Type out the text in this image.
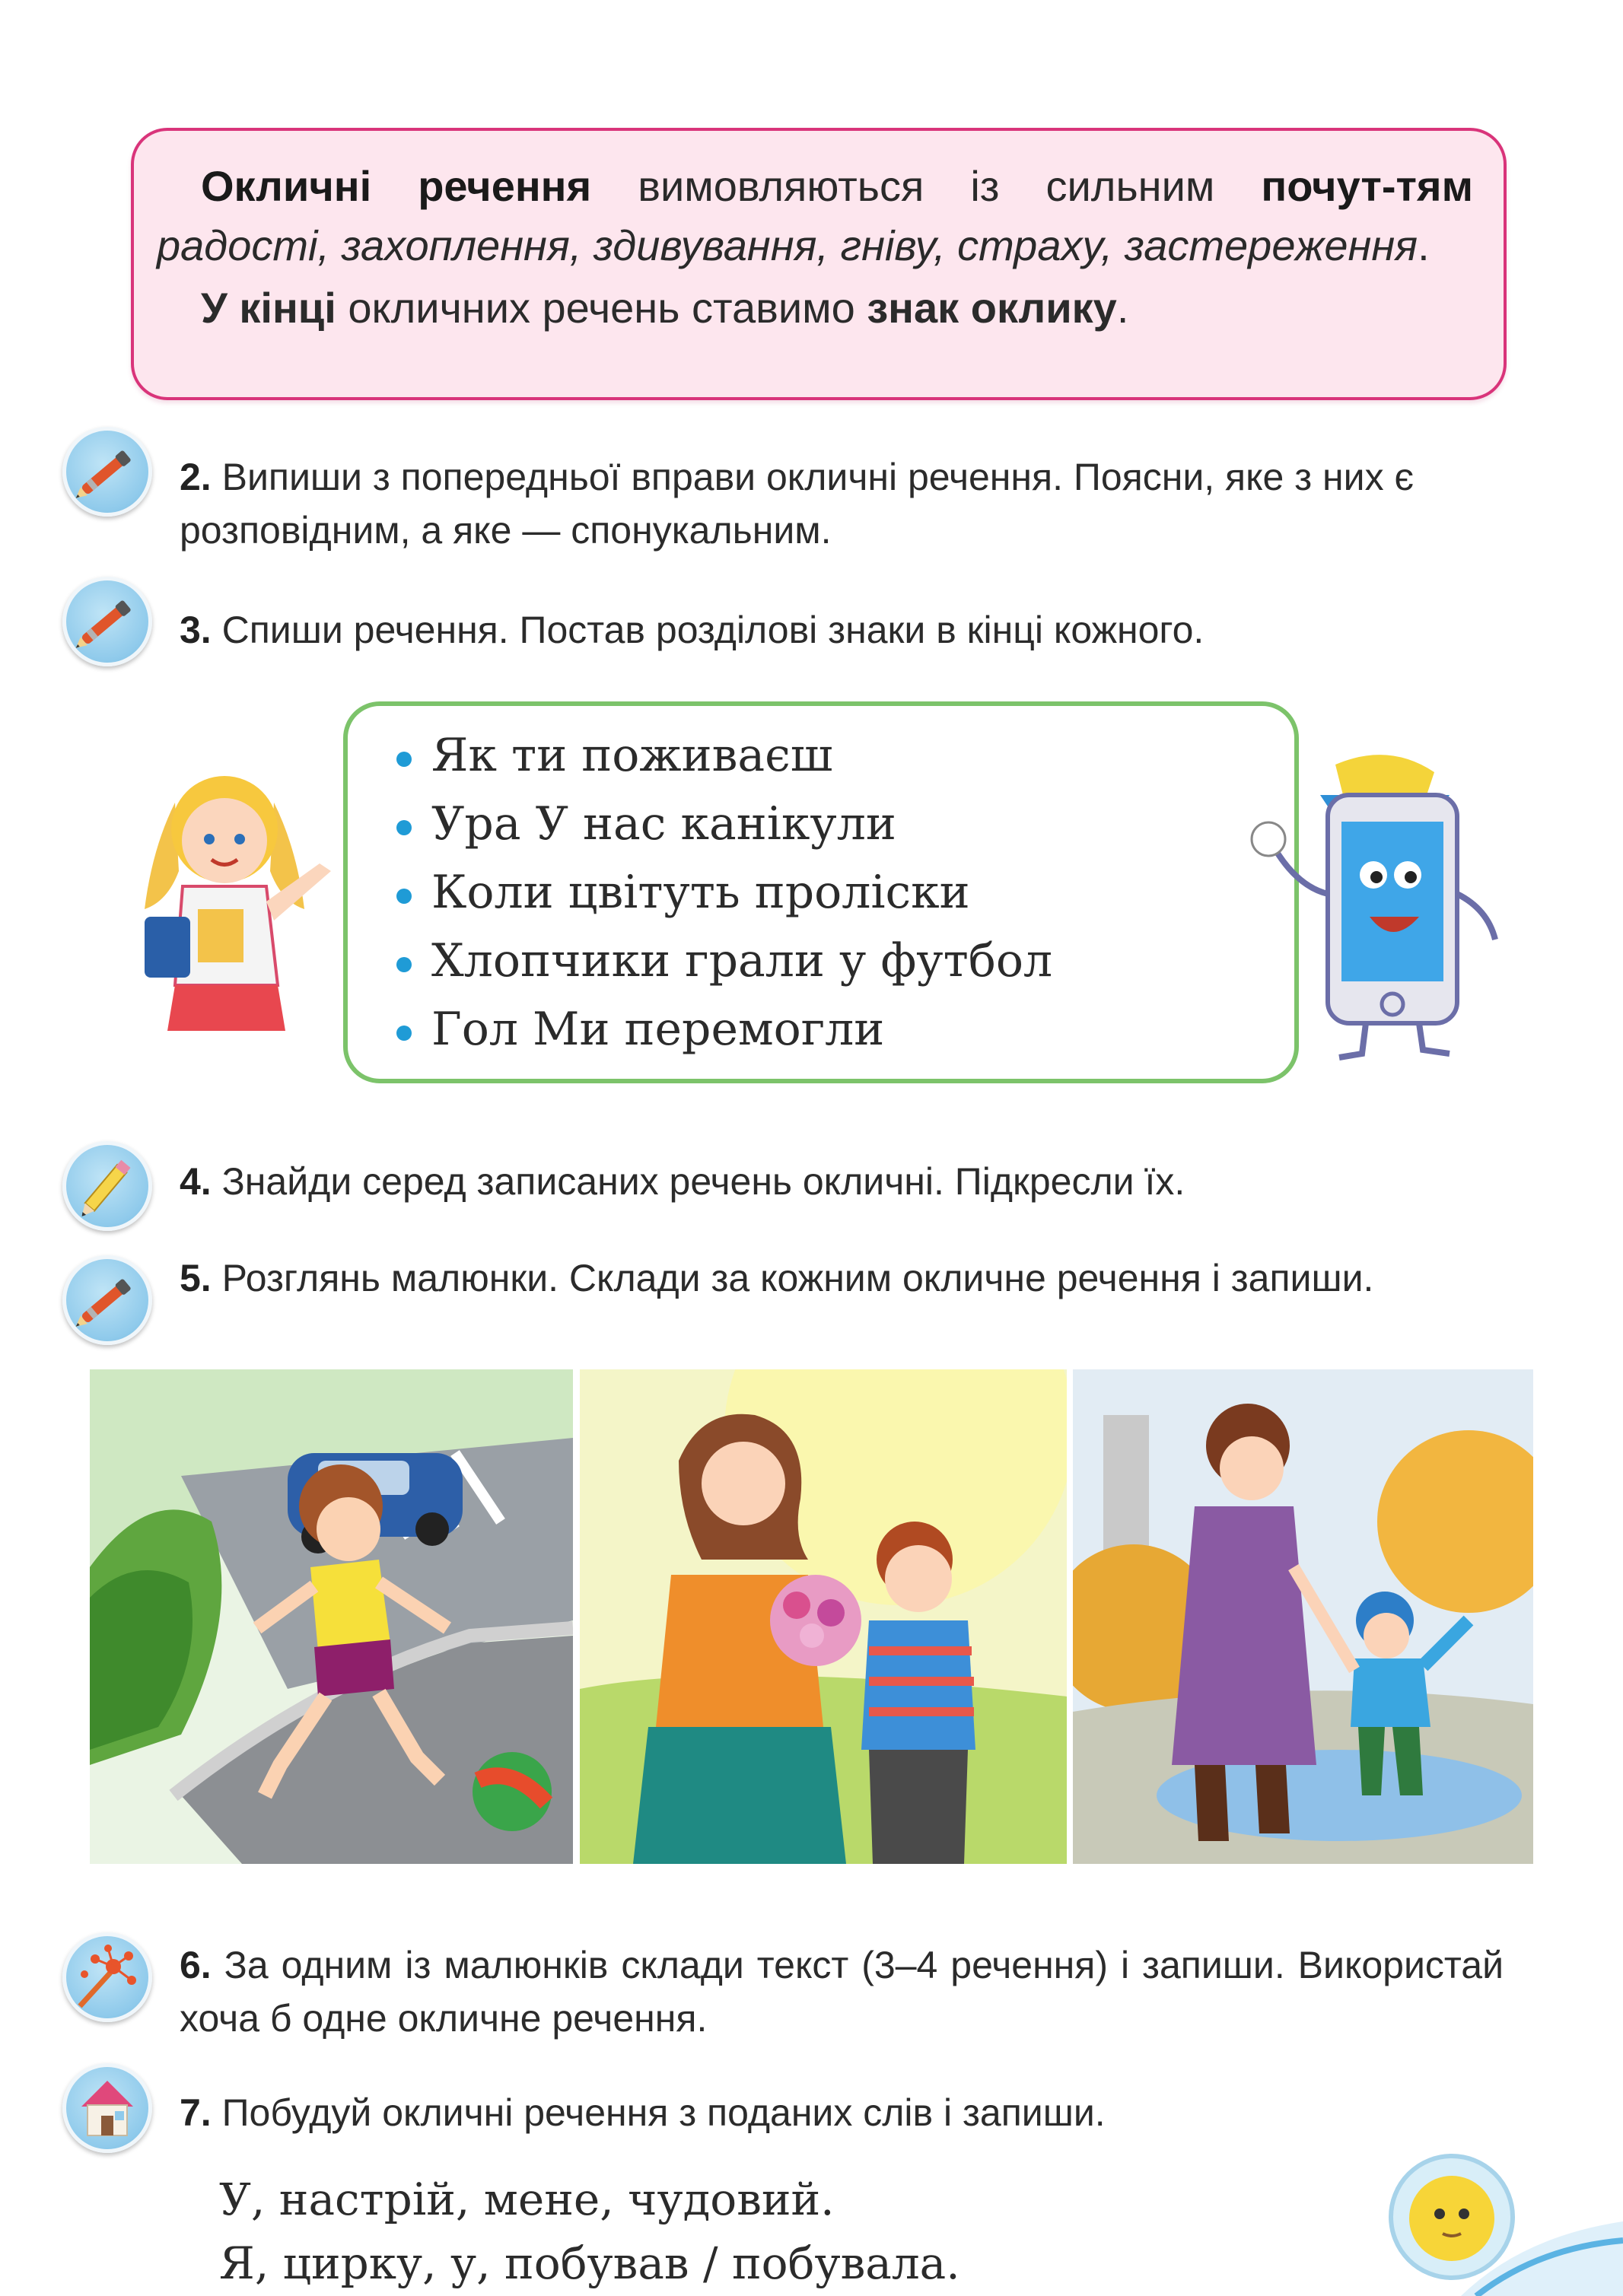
Окличні речення вимовляються із сильним почут-тям радості, захоплення, здивування, гніву, страху, застереження.

У кінці окличних речень ставимо знак оклику.

2. Випиши з попередньої вправи окличні речення. Поясни, яке з них є розповідним, а яке — спонукальним.
3. Спиши речення. Постав розділові знаки в кінці кожного.
Як ти поживаєш
Ура У нас канікули
Коли цвітуть проліски
Хлопчики грали у футбол
Гол Ми перемогли
4. Знайди серед записаних речень окличні. Підкресли їх.
5. Розглянь малюнки. Склади за кожним окличне речення і запиши.
6. За одним із малюнків склади текст (3–4 речення) і запиши. Використай хоча б одне окличне речення.
7. Побудуй окличні речення з поданих слів і запиши.
У, настрій, мене, чудовий.
Я, цирку, у, побував / побувала.
